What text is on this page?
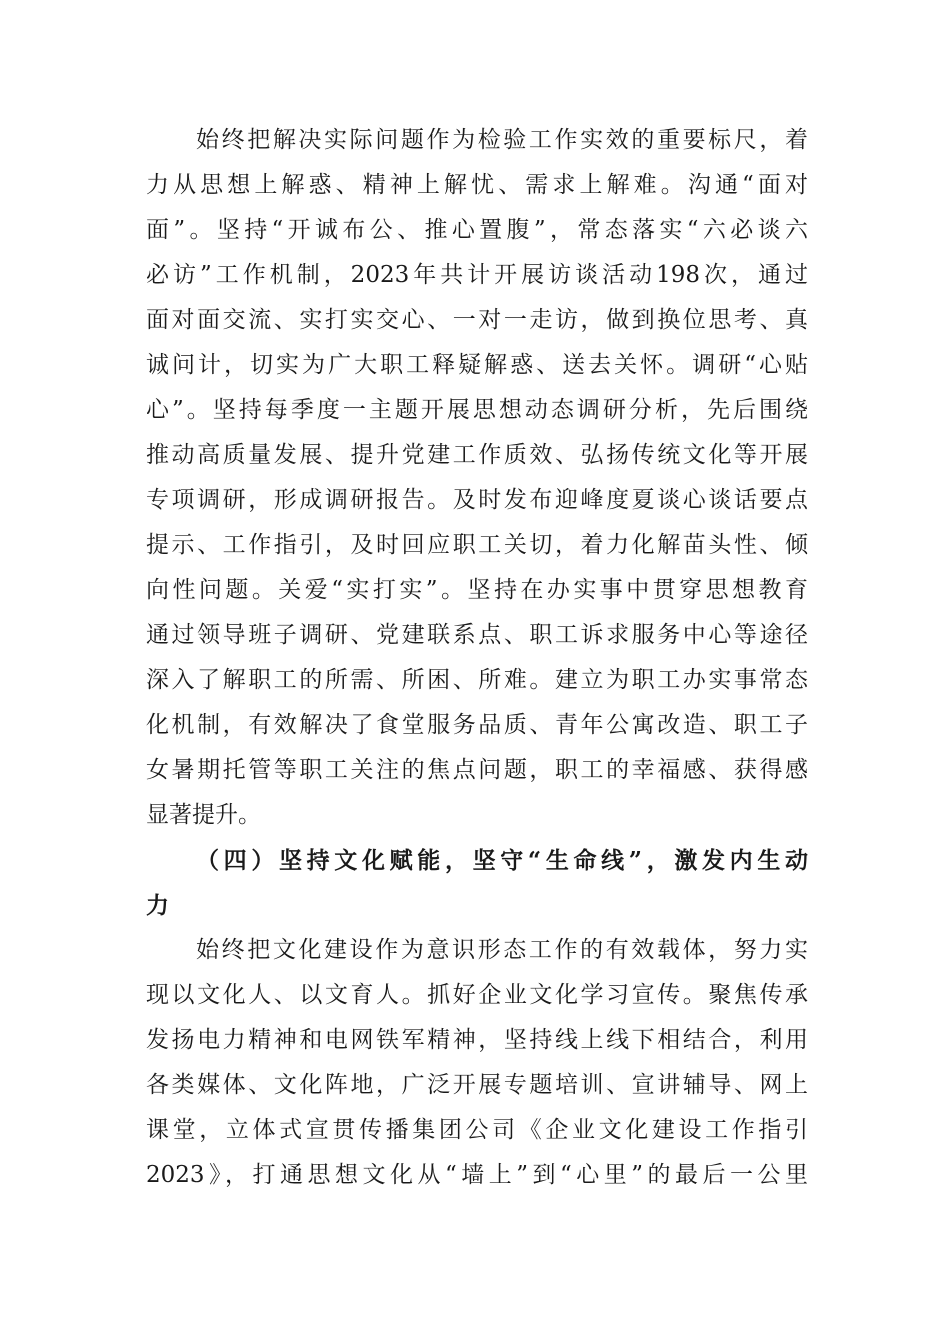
始终把解决实际问题作为检验工作实效的重要标尺，着
力从思想上解惑、精神上解忧、需求上解难。沟通“面对
面”。坚持“开诚布公、推心置腹”，常态落实“六必谈六
必访”工作机制，2023年共计开展访谈活动198次，通过
面对面交流、实打实交心、一对一走访，做到换位思考、真
诚问计，切实为广大职工释疑解惑、送去关怀。调研“心贴
心”。坚持每季度一主题开展思想动态调研分析，先后围绕
推动高质量发展、提升党建工作质效、弘扬传统文化等开展
专项调研，形成调研报告。及时发布迎峰度夏谈心谈话要点
提示、工作指引，及时回应职工关切，着力化解苗头性、倾
向性问题。关爱“实打实”。坚持在办实事中贯穿思想教育
通过领导班子调研、党建联系点、职工诉求服务中心等途径
深入了解职工的所需、所困、所难。建立为职工办实事常态
化机制，有效解决了食堂服务品质、青年公寓改造、职工子
女暑期托管等职工关注的焦点问题，职工的幸福感、获得感
显著提升。
（四）坚持文化赋能，坚守“生命线”，激发内生动
力
始终把文化建设作为意识形态工作的有效载体，努力实
现以文化人、以文育人。抓好企业文化学习宣传。聚焦传承
发扬电力精神和电网铁军精神，坚持线上线下相结合，利用
各类媒体、文化阵地，广泛开展专题培训、宣讲辅导、网上
课堂，立体式宣贯传播集团公司《企业文化建设工作指引
2023》，打通思想文化从“墙上”到“心里”的最后一公里
